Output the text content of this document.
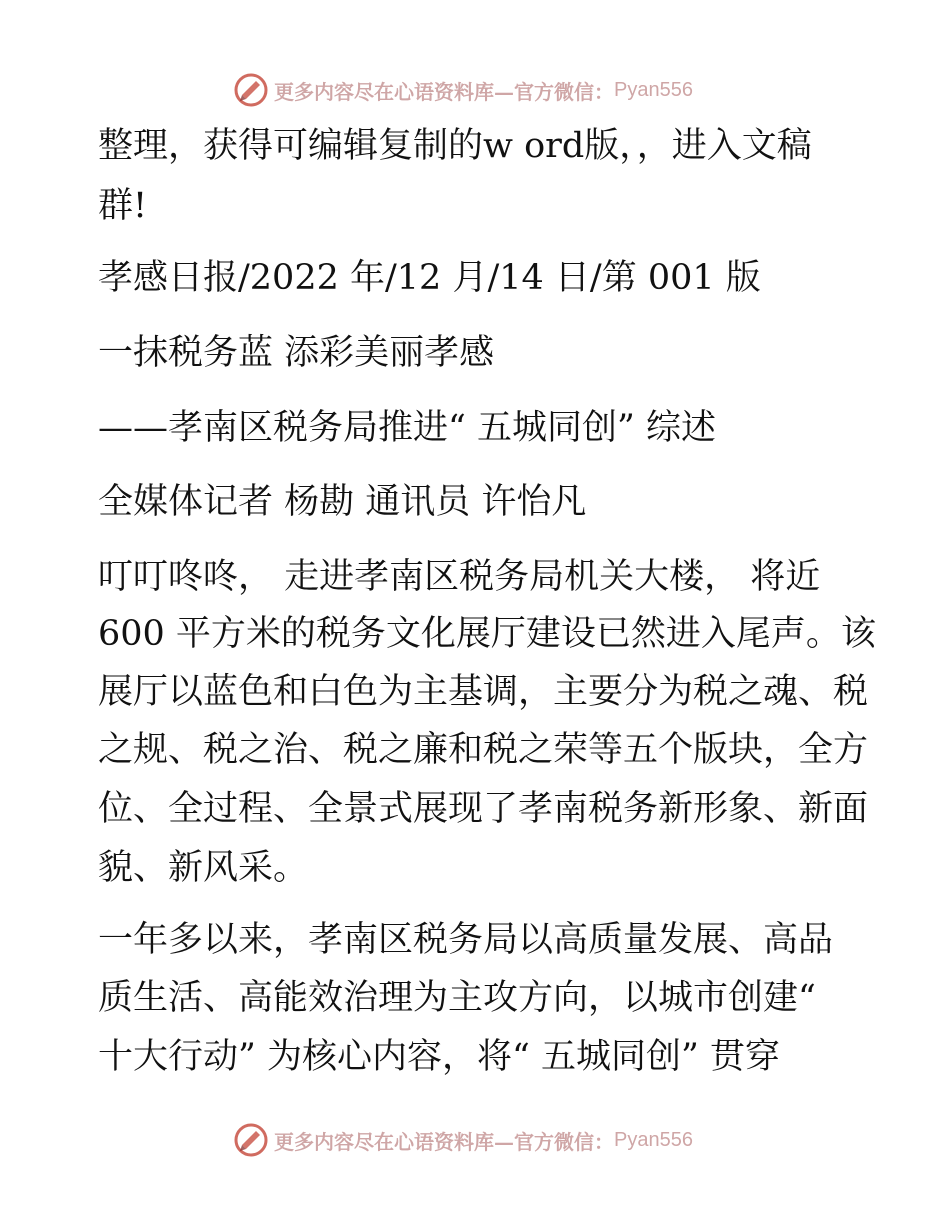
更多内容尽在心语资料库—官方微信： Pyan556
整理，获得可编辑复制的w ord版，，进入文稿
群!
孝感日报/2022 年/12 月/14 日/第 001 版
一抹税务蓝 添彩美丽孝感
——孝南区税务局推进“ 五城同创” 综述
全媒体记者 杨勘 通讯员 许怡凡
叮叮咚咚， 走进孝南区税务局机关大楼， 将近
600 平方米的税务文化展厅建设已然进入尾声。该
展厅以蓝色和白色为主基调，主要分为税之魂、税
之规、税之治、税之廉和税之荣等五个版块，全方
位、全过程、全景式展现了孝南税务新形象、新面
貌、新风采。
一年多以来，孝南区税务局以高质量发展、高品
质生活、高能效治理为主攻方向，以城市创建“
十大行动” 为核心内容，将“ 五城同创” 贯穿
更多内容尽在心语资料库—官方微信： Pyan556
